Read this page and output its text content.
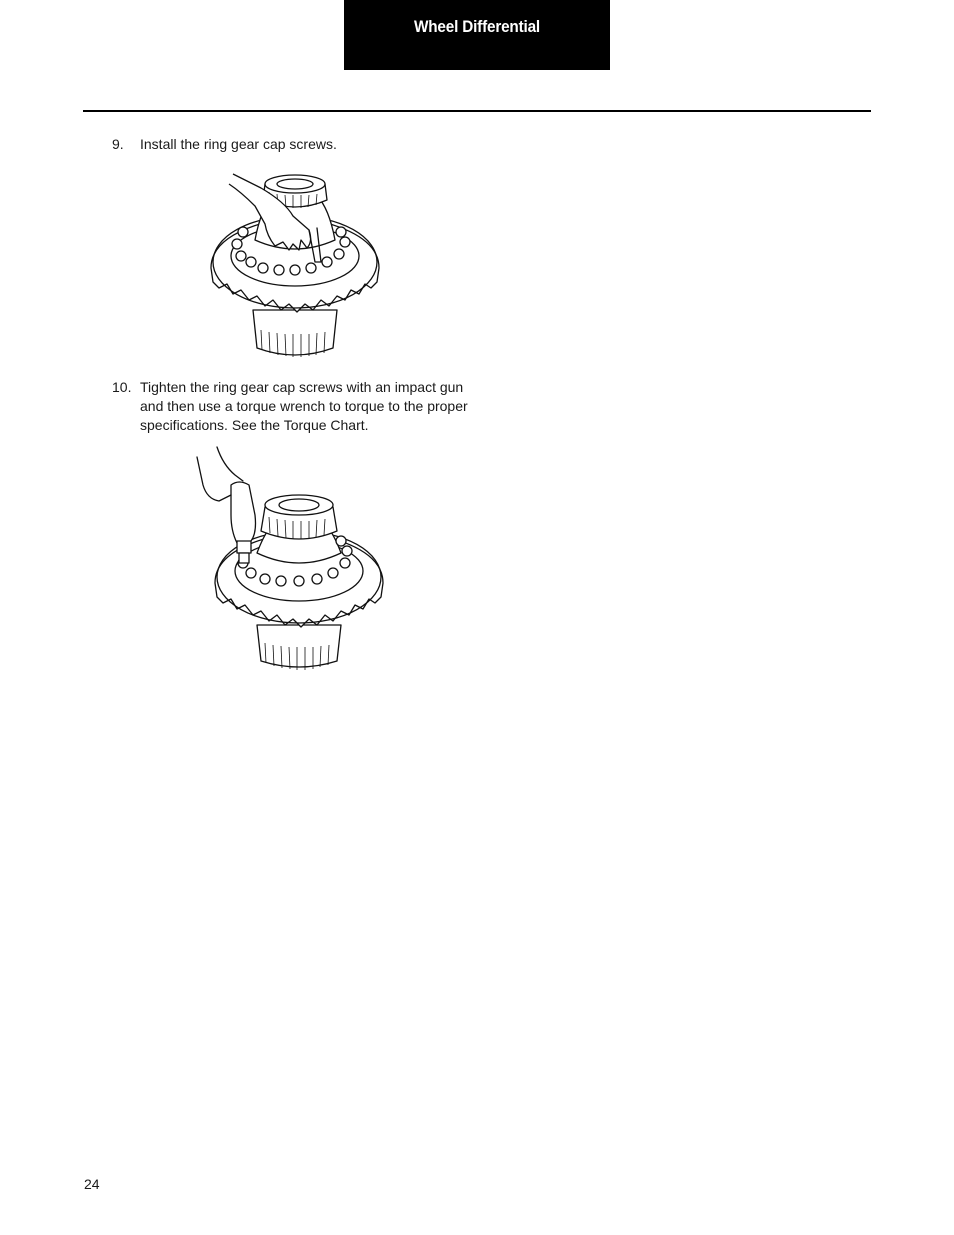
Wheel Differential
9.	Install the ring gear cap screws.
10. Tighten the ring gear cap screws with an impact gun and then use a torque wrench to torque to the proper specifications. See the Torque Chart.
24
